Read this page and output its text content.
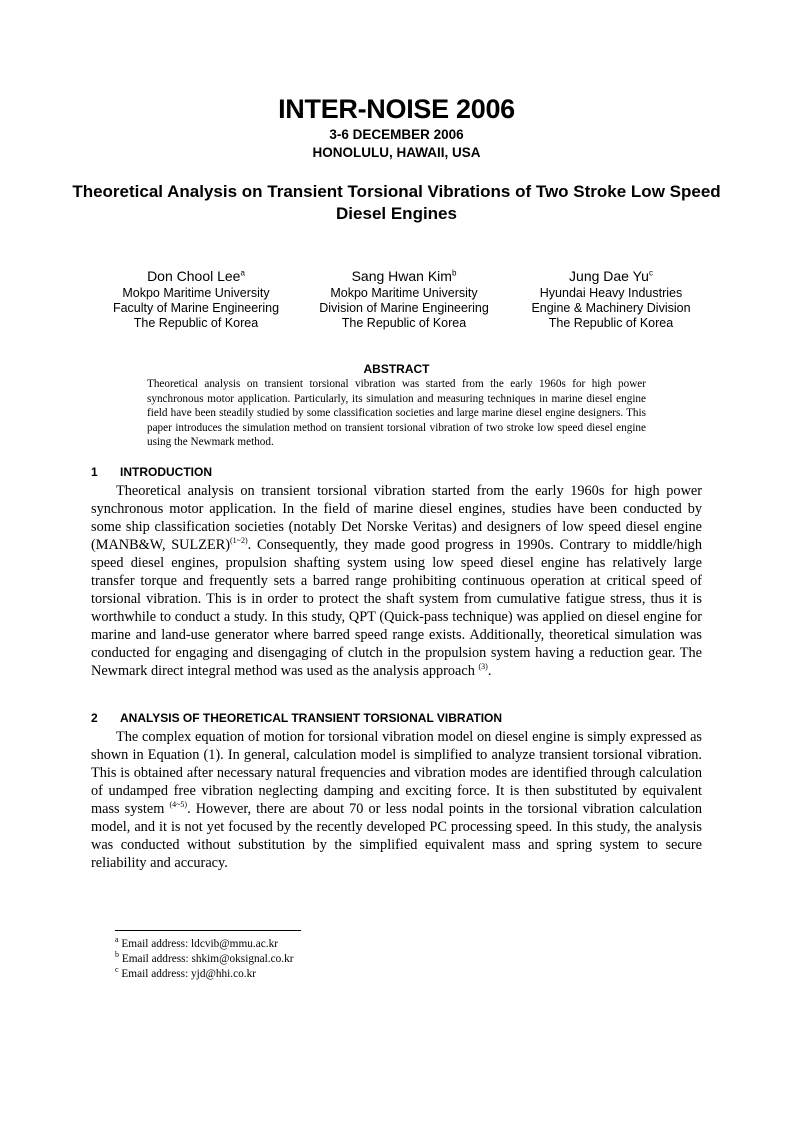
INTER-NOISE 2006
3-6 DECEMBER 2006
HONOLULU, HAWAII, USA
Theoretical Analysis on Transient Torsional Vibrations of Two Stroke Low Speed Diesel Engines
Don Chool Lee$^a$
Mokpo Maritime University
Faculty of Marine Engineering
The Republic of Korea
Sang Hwan Kim$^b$
Mokpo Maritime University
Division of Marine Engineering
The Republic of Korea
Jung Dae Yu$^c$
Hyundai Heavy Industries
Engine & Machinery Division
The Republic of Korea
ABSTRACT
Theoretical analysis on transient torsional vibration was started from the early 1960s for high power synchronous motor application. Particularly, its simulation and measuring techniques in marine diesel engine field have been steadily studied by some classification societies and large marine diesel engine designers. This paper introduces the simulation method on transient torsional vibration of two stroke low speed diesel engine using the Newmark method.
1 INTRODUCTION

Theoretical analysis on transient torsional vibration started from the early 1960s for high power synchronous motor application. In the field of marine diesel engines, studies have been conducted by some ship classification societies (notably Det Norske Veritas) and designers of low speed diesel engine (MANB&W, SULZER)$^{(1\sim 2)}$. Consequently, they made good progress in 1990s. Contrary to middle/high speed diesel engines, propulsion shafting system using low speed diesel engine has relatively large transfer torque and frequently sets a barred range prohibiting continuous operation at critical speed of torsional vibration. This is in order to protect the shaft system from cumulative fatigue stress, thus it is worthwhile to conduct a study. In this study, QPT (Quick-pass technique) was applied on diesel engine for marine and land-use generator where barred speed range exists. Additionally, theoretical simulation was conducted for engaging and disengaging of clutch in the propulsion system having a reduction gear. The Newmark direct integral method was used as the analysis approach $^{(3)}$.

2 ANALYSIS OF THEORETICAL TRANSIENT TORSIONAL VIBRATION

The complex equation of motion for torsional vibration model on diesel engine is simply expressed as shown in Equation (1). In general, calculation model is simplified to analyze transient torsional vibration. This is obtained after necessary natural frequencies and vibration modes are identified through calculation of undamped free vibration neglecting damping and exciting force. It is then substituted by equivalent mass system $^{(4\sim 5)}$. However, there are about 70 or less nodal points in the torsional vibration calculation model, and it is not yet focused by the recently developed PC processing speed. In this study, the analysis was conducted without substitution by the simplified equivalent mass and spring system to secure reliability and accuracy.

$^a$ Email address: ldcvib@mmu.ac.kr
$^b$ Email address: shkim@oksignal.co.kr
$^c$ Email address: yjd@hhi.co.kr
